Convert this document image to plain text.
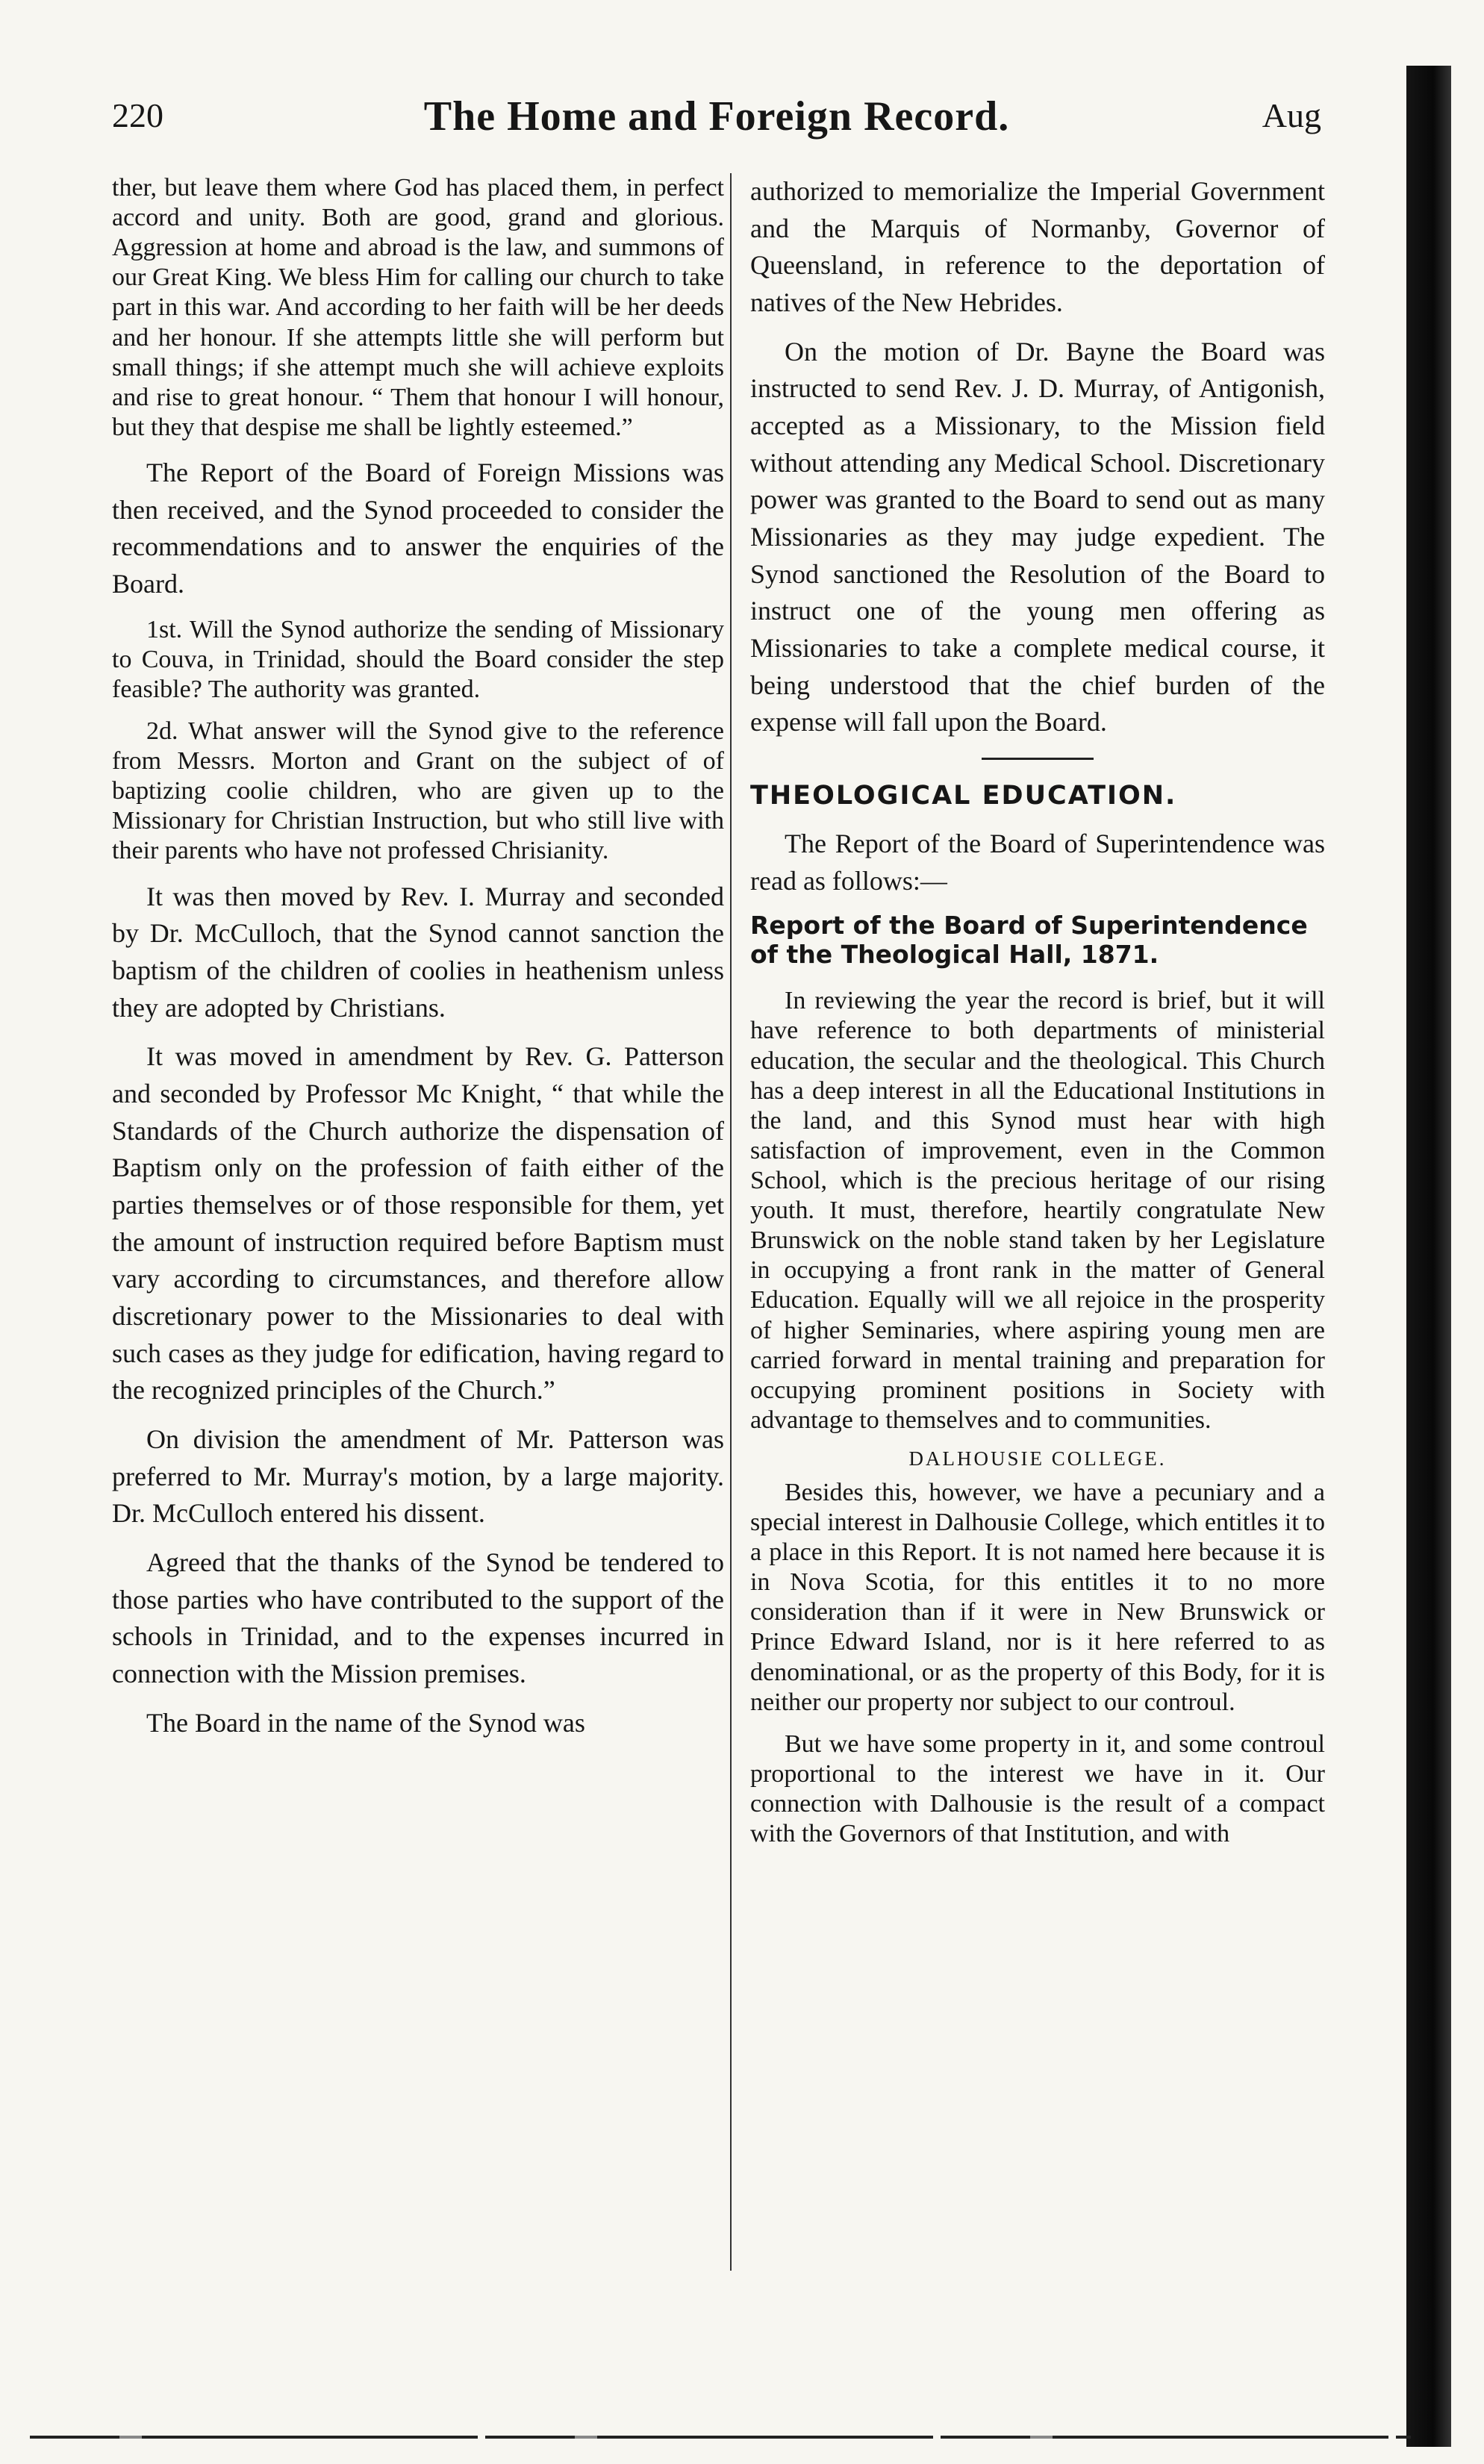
220	The Home and Foreign Record.	Aug

ther, but leave them where God has placed them, in perfect accord and unity. Both are good, grand and glorious. Aggression at home and abroad is the law, and summons of our Great King. We bless Him for calling our church to take part in this war. And according to her faith will be her deeds and her honour. If she attempts little she will perform but small things; if she attempt much she will achieve exploits and rise to great honour. “ Them that honour I will honour, but they that despise me shall be lightly esteemed.”

The Report of the Board of Foreign Missions was then received, and the Synod proceeded to consider the recommendations and to answer the enquiries of the Board.

1st. Will the Synod authorize the sending of Missionary to Couva, in Trinidad, should the Board consider the step feasible? The authority was granted.

2d. What answer will the Synod give to the reference from Messrs. Morton and Grant on the subject of of baptizing coolie children, who are given up to the Missionary for Christian Instruction, but who still live with their parents who have not professed Chrisianity.

It was then moved by Rev. I. Murray and seconded by Dr. McCulloch, that the Synod cannot sanction the baptism of the children of coolies in heathenism unless they are adopted by Christians.

It was moved in amendment by Rev. G. Patterson and seconded by Professor Mc Knight, “ that while the Standards of the Church authorize the dispensation of Baptism only on the profession of faith either of the parties themselves or of those responsible for them, yet the amount of instruction required before Baptism must vary according to circumstances, and therefore allow discretionary power to the Missionaries to deal with such cases as they judge for edification, having regard to the recognized principles of the Church.”

On division the amendment of Mr. Patterson was preferred to Mr. Murray's motion, by a large majority. Dr. McCulloch entered his dissent.

Agreed that the thanks of the Synod be tendered to those parties who have contributed to the support of the schools in Trinidad, and to the expenses incurred in connection with the Mission premises.

The Board in the name of the Synod was

authorized to memorialize the Imperial Government and the Marquis of Normanby, Governor of Queensland, in reference to the deportation of natives of the New Hebrides.

On the motion of Dr. Bayne the Board was instructed to send Rev. J. D. Murray, of Antigonish, accepted as a Missionary, to the Mission field without attending any Medical School. Discretionary power was granted to the Board to send out as many Missionaries as they may judge expedient. The Synod sanctioned the Resolution of the Board to instruct one of the young men offering as Missionaries to take a complete medical course, it being understood that the chief burden of the expense will fall upon the Board.

THEOLOGICAL EDUCATION.

The Report of the Board of Superintendence was read as follows:—

Report of the Board of Superintendence of the Theological Hall, 1871.

In reviewing the year the record is brief, but it will have reference to both departments of ministerial education, the secular and the theological. This Church has a deep interest in all the Educational Institutions in the land, and this Synod must hear with high satisfaction of improvement, even in the Common School, which is the precious heritage of our rising youth. It must, therefore, heartily congratulate New Brunswick on the noble stand taken by her Legislature in occupying a front rank in the matter of General Education. Equally will we all rejoice in the prosperity of higher Seminaries, where aspiring young men are carried forward in mental training and preparation for occupying prominent positions in Society with advantage to themselves and to communities.

DALHOUSIE COLLEGE.

Besides this, however, we have a pecuniary and a special interest in Dalhousie College, which entitles it to a place in this Report. It is not named here because it is in Nova Scotia, for this entitles it to no more consideration than if it were in New Brunswick or Prince Edward Island, nor is it here referred to as denominational, or as the property of this Body, for it is neither our property nor subject to our controul.

But we have some property in it, and some controul proportional to the interest we have in it. Our connection with Dalhousie is the result of a compact with the Governors of that Institution, and with
